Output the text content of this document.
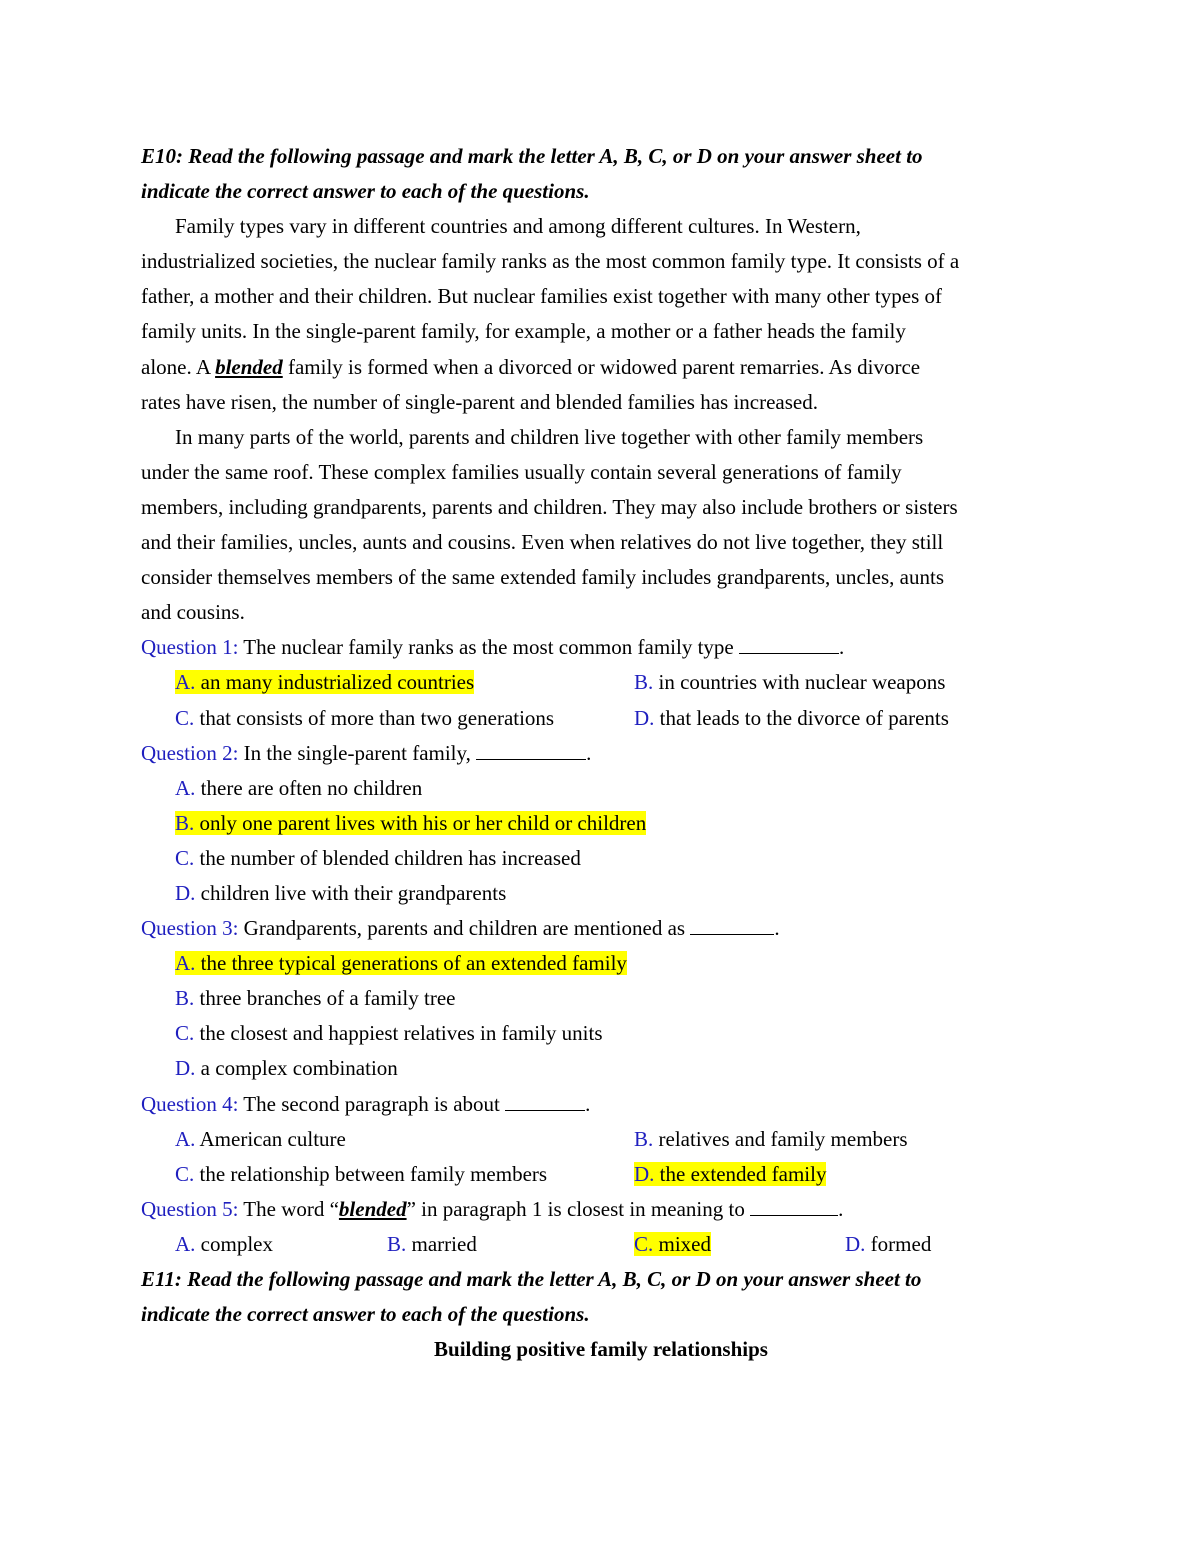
E10: Read the following passage and mark the letter A, B, C, or D on your answer sheet to
indicate the correct answer to each of the questions.
Family types vary in different countries and among different cultures. In Western,
industrialized societies, the nuclear family ranks as the most common family type. It consists of a
father, a mother and their children. But nuclear families exist together with many other types of
family units. In the single-parent family, for example, a mother or a father heads the family
alone. A blended family is formed when a divorced or widowed parent remarries. As divorce
rates have risen, the number of single-parent and blended families has increased.
In many parts of the world, parents and children live together with other family members
under the same roof. These complex families usually contain several generations of family
members, including grandparents, parents and children. They may also include brothers or sisters
and their families, uncles, aunts and cousins. Even when relatives do not live together, they still
consider themselves members of the same extended family includes grandparents, uncles, aunts
and cousins.
Question 1: The nuclear family ranks as the most common family type	.
A. an many industrialized countries	B. in countries with nuclear weapons
C. that consists of more than two generations	D. that leads to the divorce of parents
Question 2: In the single-parent family,	.
A. there are often no children
B. only one parent lives with his or her child or children
C. the number of blended children has increased
D. children live with their grandparents
Question 3: Grandparents, parents and children are mentioned as	.
A. the three typical generations of an extended family
B. three branches of a family tree
C. the closest and happiest relatives in family units
D. a complex combination
Question 4: The second paragraph is about	.
A. American culture	B. relatives and family members
C. the relationship between family members	D. the extended family
Question 5: The word “blended” in paragraph 1 is closest in meaning to	.
A. complex	B. married	C. mixed	D. formed
E11: Read the following passage and mark the letter A, B, C, or D on your answer sheet to
indicate the correct answer to each of the questions.
Building positive family relationships
